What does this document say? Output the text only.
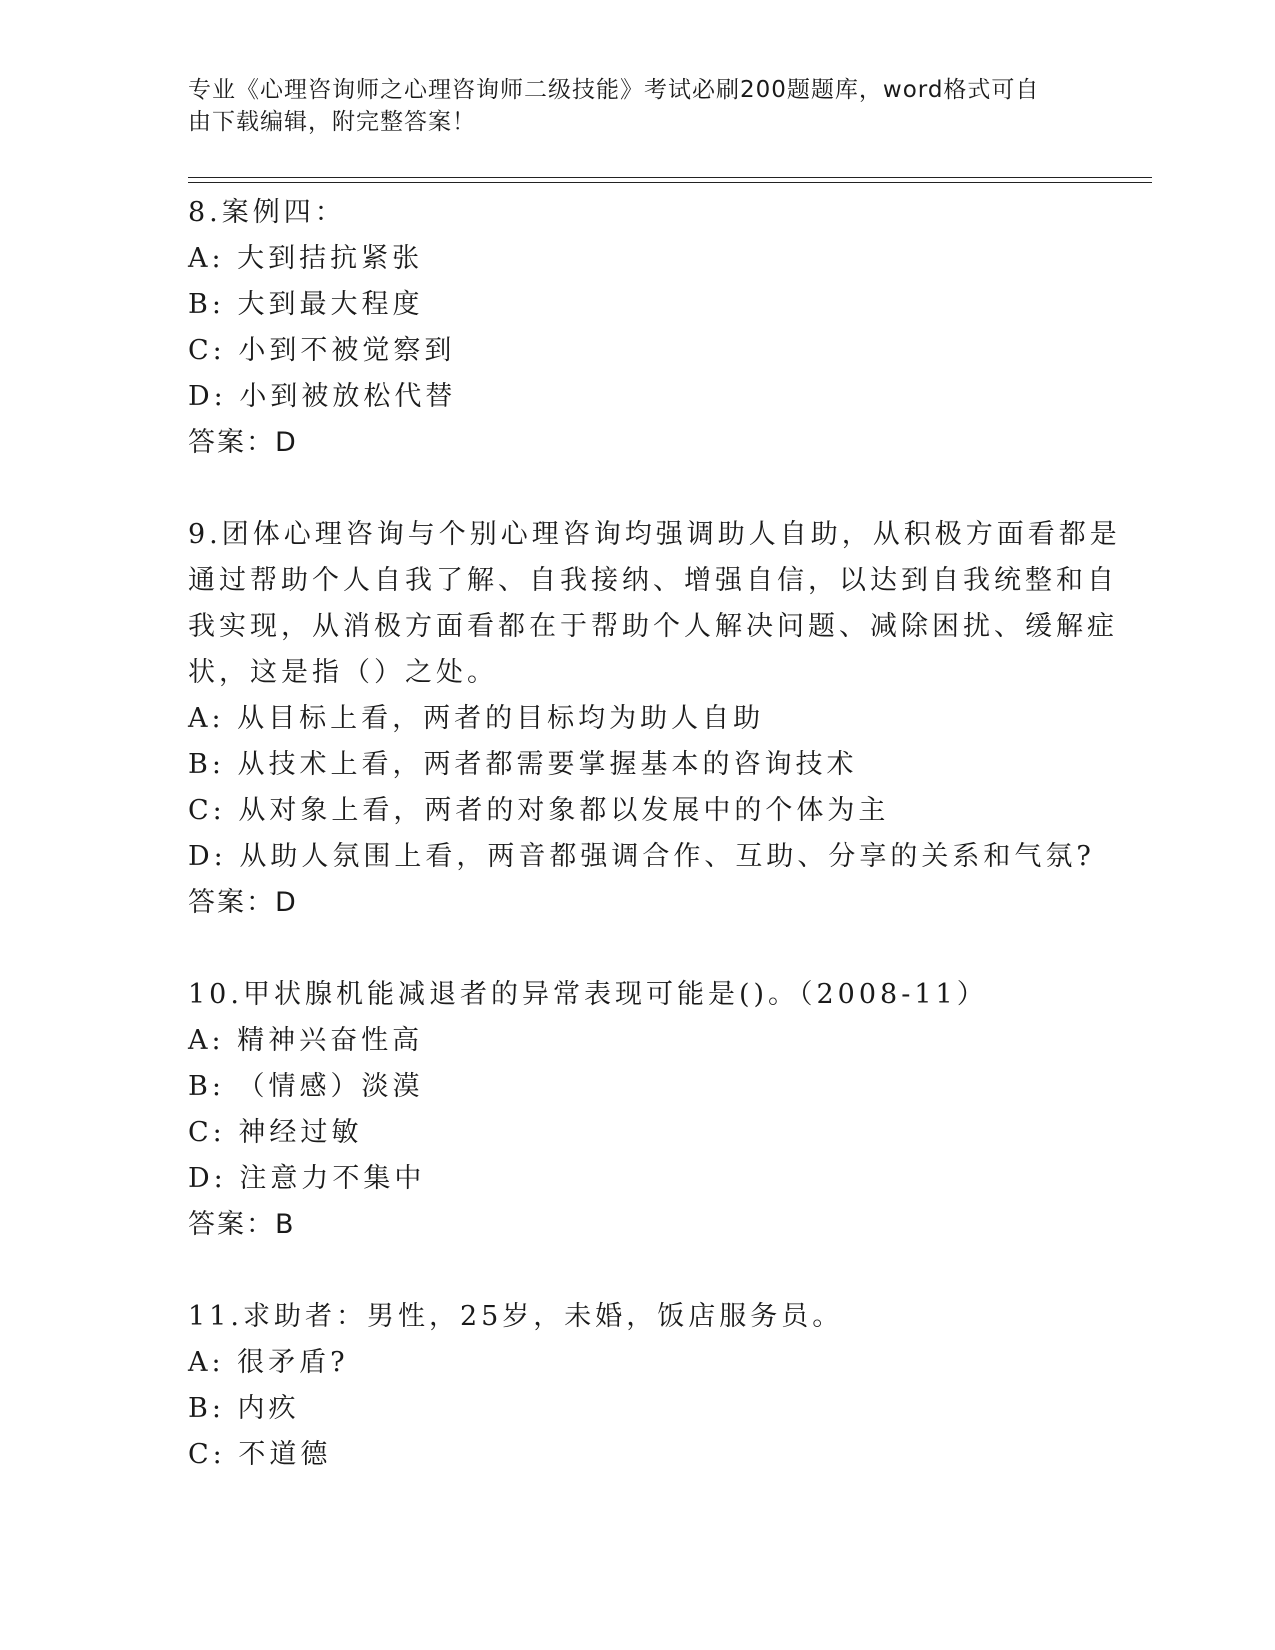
专业《心理咨询师之心理咨询师二级技能》考试必刷200题题库，word格式可自
由下载编辑，附完整答案！
8.案例四：
A: 大到拮抗紧张
B: 大到最大程度
C: 小到不被觉察到
D: 小到被放松代替
答案：D
9.团体心理咨询与个别心理咨询均强调助人自助，从积极方面看都是
通过帮助个人自我了解、自我接纳、增强自信，以达到自我统整和自
我实现，从消极方面看都在于帮助个人解决问题、减除困扰、缓解症
状，这是指（）之处。
A: 从目标上看，两者的目标均为助人自助
B: 从技术上看，两者都需要掌握基本的咨询技术
C: 从对象上看，两者的对象都以发展中的个体为主
D: 从助人氛围上看，两音都强调合作、互助、分享的关系和气氛?
答案：D
10.甲状腺机能减退者的异常表现可能是()。（2008-11）
A: 精神兴奋性高
B: （情感）淡漠
C: 神经过敏
D: 注意力不集中
答案：B
11.求助者：男性，25岁，未婚，饭店服务员。
A: 很矛盾?
B: 内疚
C: 不道德
